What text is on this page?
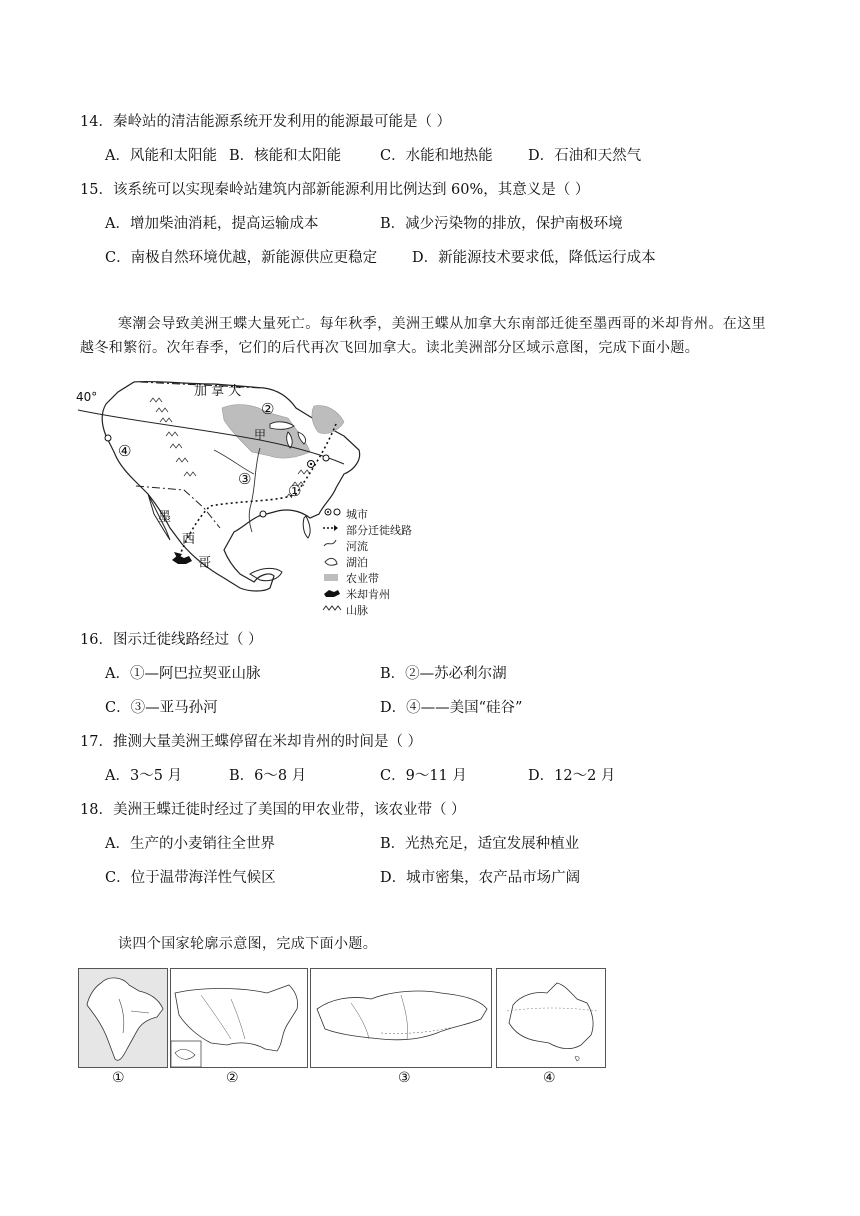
14．秦岭站的清洁能源系统开发利用的能源最可能是（ ）
A．风能和太阳能 B．核能和太阳能	C．水能和地热能 D．石油和天然气
15．该系统可以实现秦岭站建筑内部新能源利用比例达到 60%，其意义是（ ）
A．增加柴油消耗，提高运输成本	B．减少污染物的排放，保护南极环境
C．南极自然环境优越，新能源供应更稳定 D．新能源技术要求低，降低运行成本
寒潮会导致美洲王蝶大量死亡。每年秋季，美洲王蝶从加拿大东南部迁徙至墨西哥的米却肯州。在这里越冬和繁衍。次年春季，它们的后代再次飞回加拿大。读北美洲部分区域示意图，完成下面小题。
40°	加 拿 大
甲
②
④
③
①
墨
西
哥
城市
部分迁徙线路
河流
湖泊
农业带
米却肯州
山脉
16．图示迁徙线路经过（ ）
A．①—阿巴拉契亚山脉	B．②—苏必利尔湖
C．③—亚马孙河	D．④——美国“硅谷”
17．推测大量美洲王蝶停留在米却肯州的时间是（ ）
A．3～5 月	B．6～8 月	C．9～11 月	D．12～2 月
18．美洲王蝶迁徙时经过了美国的甲农业带，该农业带（ ）
A．生产的小麦销往全世界	B．光热充足，适宜发展种植业
C．位于温带海洋性气候区	D．城市密集，农产品市场广阔
读四个国家轮廓示意图，完成下面小题。
①	②	③	④
